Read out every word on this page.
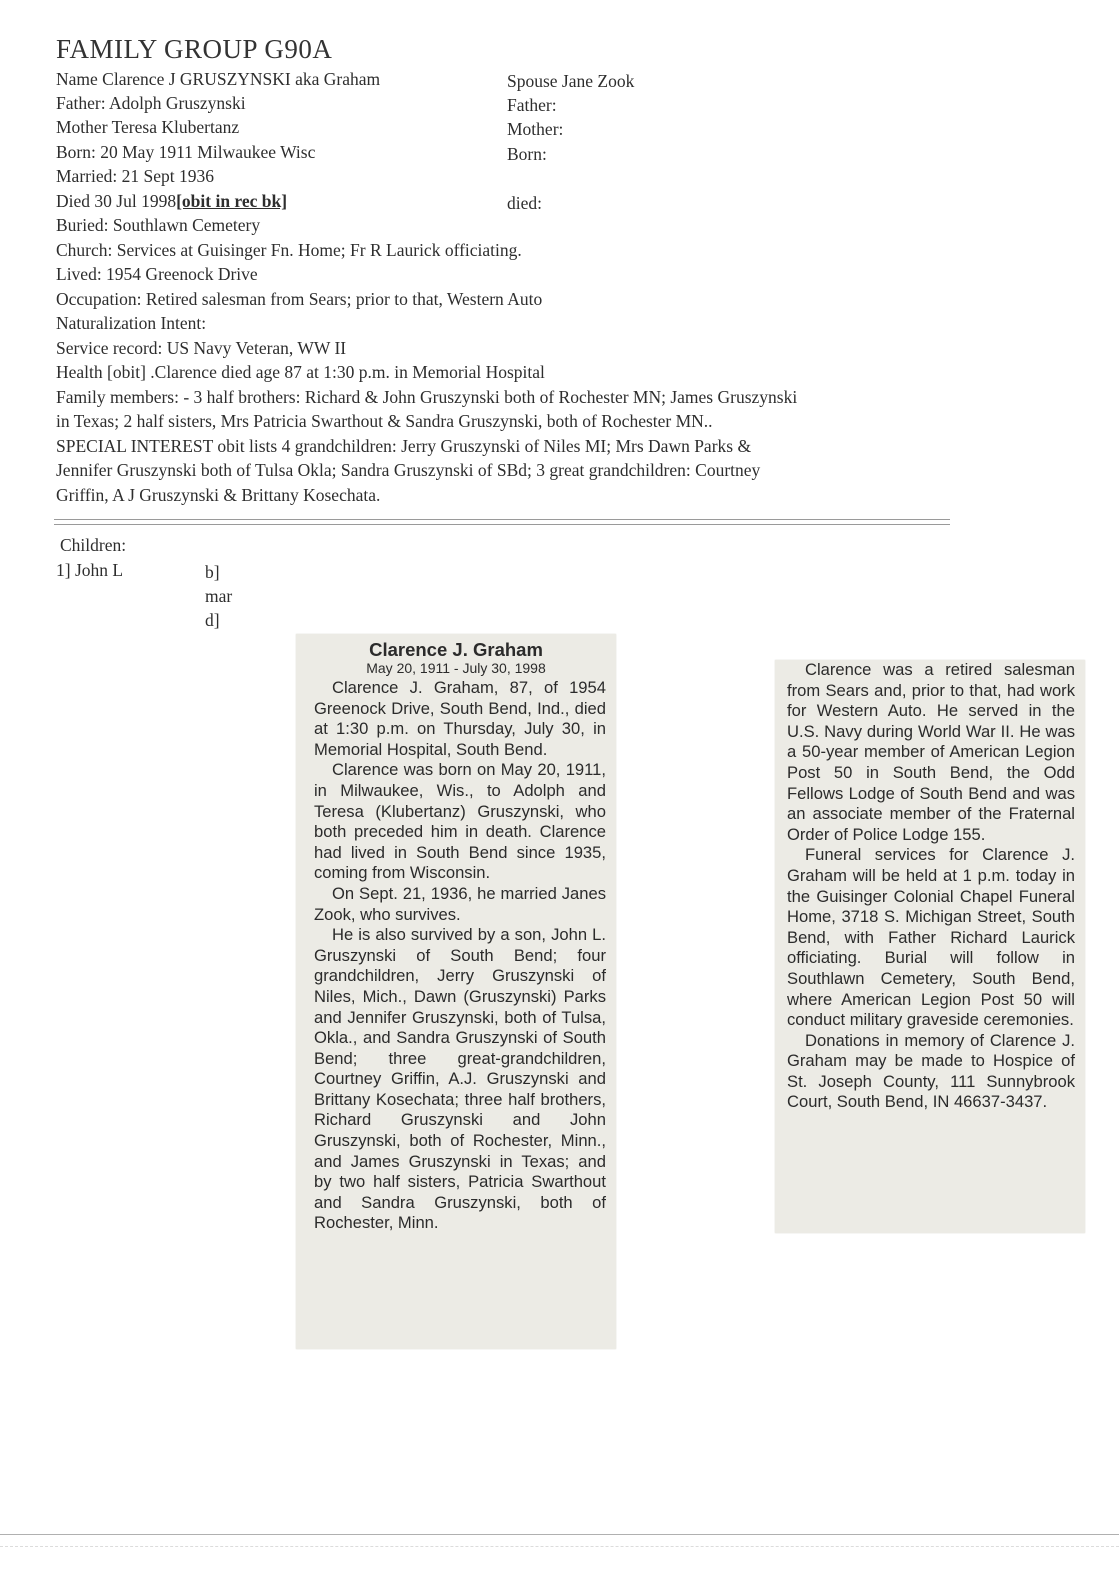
FAMILY GROUP G90A
Name Clarence J GRUSZYNSKI aka Graham
Father: Adolph Gruszynski
Mother Teresa Klubertanz
Born: 20 May 1911 Milwaukee Wisc
Married: 21 Sept 1936
Died 30 Jul 1998[obit in rec bk]
Buried: Southlawn Cemetery
Church: Services at Guisinger Fn. Home; Fr R Laurick officiating.
Lived: 1954 Greenock Drive
Occupation: Retired salesman from Sears; prior to that, Western Auto
Naturalization Intent:
Service record: US Navy Veteran, WW II
Health [obit] .Clarence died age 87 at 1:30 p.m. in Memorial Hospital
Family members: - 3 half brothers: Richard & John Gruszynski both of Rochester MN; James Gruszynski
in Texas; 2 half sisters, Mrs Patricia Swarthout & Sandra Gruszynski, both of Rochester MN..
SPECIAL INTEREST obit lists 4 grandchildren: Jerry Gruszynski of Niles MI; Mrs Dawn Parks &
Jennifer Gruszynski both of Tulsa Okla; Sandra Gruszynski of SBd; 3 great grandchildren: Courtney
Griffin, A J Gruszynski & Brittany Kosechata.
Spouse Jane Zook
Father:
Mother:
Born:
died:
Children:
1] John L	b]
mar
d]
Clarence J. Graham
May 20, 1911 - July 30, 1998

Clarence J. Graham, 87, of 1954 Greenock Drive, South Bend, Ind., died at 1:30 p.m. on Thursday, July 30, in Memorial Hospital, South Bend.

Clarence was born on May 20, 1911, in Milwaukee, Wis., to Adolph and Teresa (Klubertanz) Gruszynski, who both preceded him in death. Clarence had lived in South Bend since 1935, coming from Wisconsin.

On Sept. 21, 1936, he married Janes Zook, who survives.

He is also survived by a son, John L. Gruszynski of South Bend; four grandchildren, Jerry Gruszynski of Niles, Mich., Dawn (Gruszynski) Parks and Jennifer Gruszynski, both of Tulsa, Okla., and Sandra Gruszynski of South Bend; three great-grandchildren, Courtney Griffin, A.J. Gruszynski and Brittany Kosechata; three half brothers, Richard Gruszynski and John Gruszynski, both of Rochester, Minn., and James Gruszynski in Texas; and by two half sisters, Patricia Swarthout and Sandra Gruszynski, both of Rochester, Minn.

Clarence was a retired salesman from Sears and, prior to that, had work for Western Auto. He served in the U.S. Navy during World War II. He was a 50-year member of American Legion Post 50 in South Bend, the Odd Fellows Lodge of South Bend and was an associate member of the Fraternal Order of Police Lodge 155.

Funeral services for Clarence J. Graham will be held at 1 p.m. today in the Guisinger Colonial Chapel Funeral Home, 3718 S. Michigan Street, South Bend, with Father Richard Laurick officiating. Burial will follow in Southlawn Cemetery, South Bend, where American Legion Post 50 will conduct military graveside ceremonies.

Donations in memory of Clarence J. Graham may be made to Hospice of St. Joseph County, 111 Sunnybrook Court, South Bend, IN 46637-3437.
